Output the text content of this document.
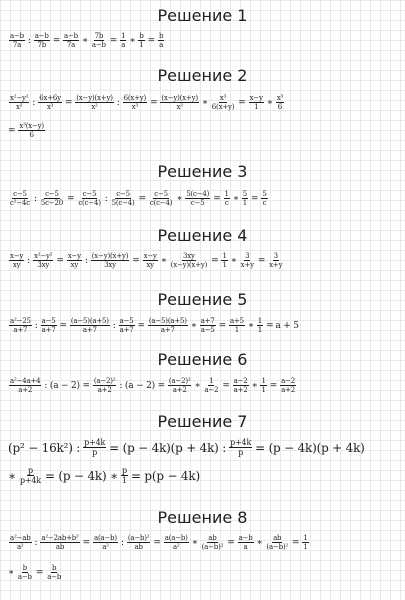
Решение 1
Решение 2
Решение 3
Решение 4
Решение 5
Решение 6
Решение 7
Решение 8
$\frac{a-b}{7a}$ : $\frac{a-b}{7b} = \frac{a-b}{7a}$ ∗ $\frac{7b}{a-b} = \frac{1}{a}$ ∗ $\frac{b}{1} = \frac{b}{a}$
$\frac{\text{x²−y²}}{\text{x²}}$ : $\frac{6x+6y}{\text{x³}} = \frac{(x-y)(x+y)}{\text{x²}}$ : $\frac{6(x+y)}{\text{x³}} = \frac{(x-y)(x+y)}{\text{x²}}$ ∗ $\frac{\text{x³}}{6(x+y)} = \frac{x-y}{1}$ ∗ $\frac{\text{x³}}{6}$
= $\frac{\text{x³(x−y)}}{6}$
$\frac{c-5}{\text{c²−4c}}$ : $\frac{c-5}{5c-20} = \frac{c-5}{c(c-4)}$ : $\frac{c-5}{5(c-4)} = \frac{c-5}{c(c-4)}$ ∗ $\frac{5(c-4)}{c-5} = \frac{1}{c}$ ∗ $\frac{5}{1} = \frac{5}{c}$
$\frac{x-y}{xy}$ : $\frac{\text{x²−y²}}{3xy} = \frac{x-y}{xy}$ : $\frac{(x-y)(x+y)}{3xy} = \frac{x-y}{xy}$ ∗ $\frac{3xy}{(x-y)(x+y)} = \frac{1}{1}$ ∗ $\frac{3}{x+y} = \frac{3}{x+y}$
$\frac{\text{a²−25}}{a+7}$ : $\frac{a-5}{a+7} = \frac{(a-5)(a+5)}{a+7}$ : $\frac{a-5}{a+7} = \frac{(a-5)(a+5)}{a+7}$ ∗ $\frac{a+7}{a-5} = \frac{a+5}{1}$ ∗ $\frac{1}{1} = a + 5$
$\frac{\text{a²−4a+4}}{a+2}$ : $(a - 2) = \frac{\text{(a−2)²}}{a+2}$ : $(a - 2) = \frac{\text{(a−2)²}}{a+2}$ ∗ $\frac{1}{a-2} = \frac{a-2}{a+2}$ ∗ $\frac{1}{1} = \frac{a-2}{a+2}$
(p² − 16k²) : $\frac{p+4k}{p} = (p - 4k)(p + 4k)$ : $\frac{p+4k}{p} = (p - 4k)(p + 4k)$
∗ $\frac{p}{p+4k} = (p - 4k)$ ∗ $\frac{p}{1} = p(p - 4k)$
$\frac{\text{a²−ab}}{\text{a²}}$ : $\frac{\text{a²−2ab+b²}}{ab} = \frac{a(a-b)}{\text{a²}}$ : $\frac{\text{(a−b)²}}{ab} = \frac{a(a-b)}{\text{a²}}$ ∗ $\frac{ab}{\text{(a−b)²}} = \frac{a-b}{a}$ ∗ $\frac{ab}{\text{(a−b)²}} = \frac{1}{1}$
∗ $\frac{b}{a-b} = \frac{b}{a-b}$
